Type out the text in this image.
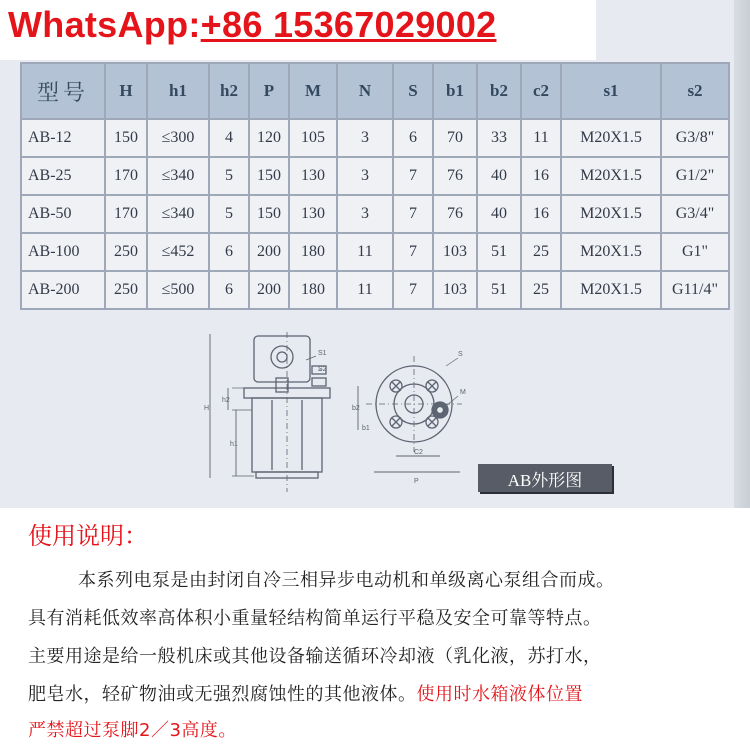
WhatsApp:+86 15367029002
型号	H	h1	h2	P	M	N	S	b1	b2	c2	s1	s2
AB-12	150	≤300	4	120	105	3	6	70	33	11	M20X1.5	G3/8"
AB-25	170	≤340	5	150	130	3	7	76	40	16	M20X1.5	G1/2"
AB-50	170	≤340	5	150	130	3	7	76	40	16	M20X1.5	G3/4"
AB-100	250	≤452	6	200	180	11	7	103	51	25	M20X1.5	G1"
AB-200	250	≤500	6	200	180	11	7	103	51	25	M20X1.5	G11/4"
S1
S2
H
h2
h1
S
M
b2
b1
C2
P	AB外形图
使用说明：
本系列电泵是由封闭自冷三相异步电动机和单级离心泵组合而成。
具有消耗低效率高体积小重量轻结构简单运行平稳及安全可靠等特点。
主要用途是给一般机床或其他设备输送循环冷却液（乳化液，苏打水，
肥皂水，轻矿物油或无强烈腐蚀性的其他液体。使用时水箱液体位置
严禁超过泵脚2／3高度。
